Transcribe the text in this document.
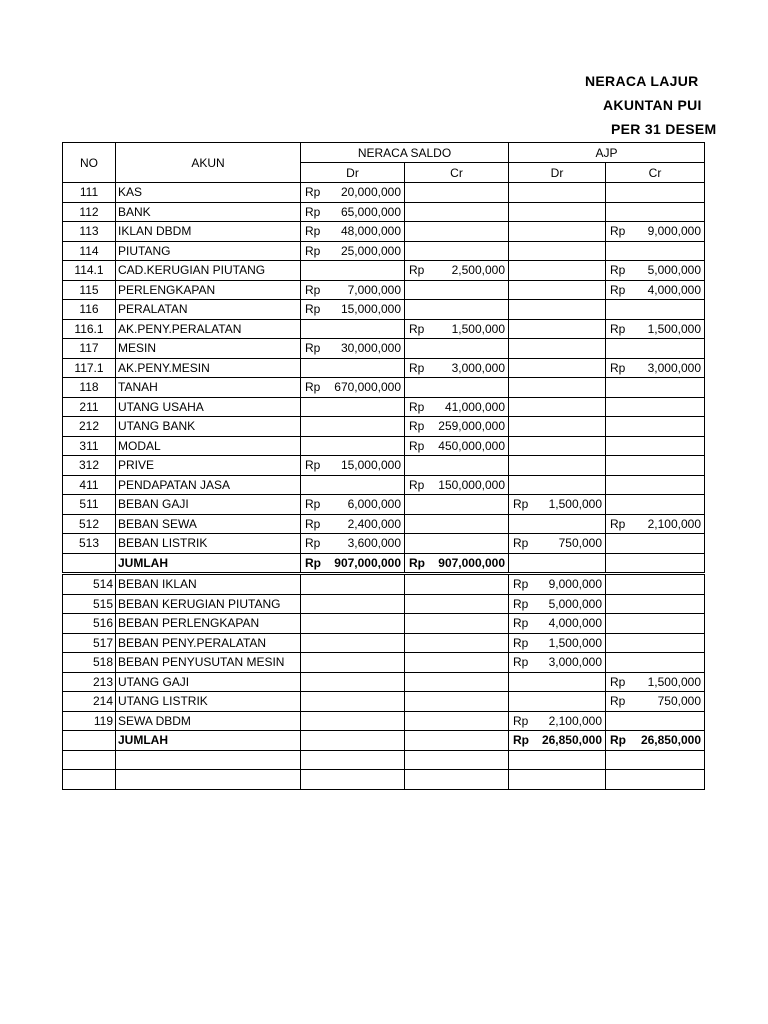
NERACA LAJUR
AKUNTAN PUI
PER 31 DESEM
NO	AKUN	NERACA SALDO		AJP	
		Dr	Cr	Dr	Cr
111	KAS	Rp 20,000,000			

112	BANK	Rp 65,000,000			

113	IKLAN DBDM	Rp 48,000,000			Rp 9,000,000

114	PIUTANG	Rp 25,000,000			

114.1	CAD.KERUGIAN PIUTANG		Rp 2,500,000		Rp 5,000,000

115	PERLENGKAPAN	Rp 7,000,000			Rp 4,000,000

116	PERALATAN	Rp 15,000,000			

116.1	AK.PENY.PERALATAN		Rp 1,500,000		Rp 1,500,000

117	MESIN	Rp 30,000,000			

117.1	AK.PENY.MESIN		Rp 3,000,000		Rp 3,000,000

118	TANAH	Rp 670,000,000			

211	UTANG USAHA		Rp 41,000,000		

212	UTANG BANK		Rp 259,000,000		

311	MODAL		Rp 450,000,000		

312	PRIVE	Rp 15,000,000			

411	PENDAPATAN JASA		Rp 150,000,000		

511	BEBAN GAJI	Rp 6,000,000		Rp 1,500,000	

512	BEBAN SEWA	Rp 2,400,000			Rp 2,100,000

513	BEBAN LISTRIK	Rp 3,600,000		Rp 750,000	

	JUMLAH	Rp 907,000,000	Rp 907,000,000		

514	BEBAN IKLAN			Rp 9,000,000	

515	BEBAN KERUGIAN PIUTANG			Rp 5,000,000	

516	BEBAN PERLENGKAPAN			Rp 4,000,000	

517	BEBAN PENY.PERALATAN			Rp 1,500,000	

518	BEBAN PENYUSUTAN MESIN			Rp 3,000,000	

213	UTANG GAJI				Rp 1,500,000

214	UTANG LISTRIK				Rp 750,000

119	SEWA DBDM			Rp 2,100,000	

	JUMLAH			Rp 26,850,000	Rp 26,850,000
